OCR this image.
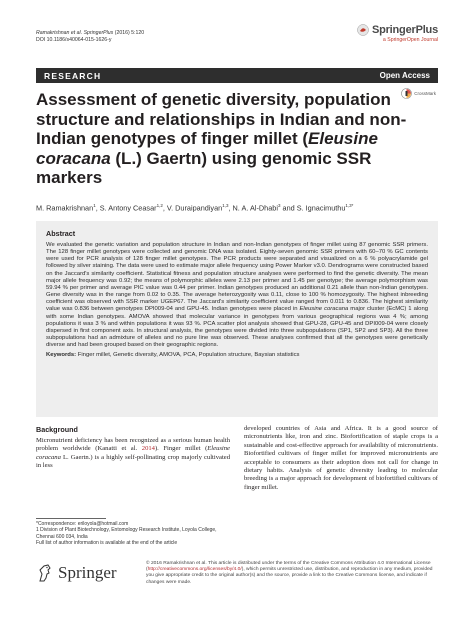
Ramakrishnan et al. SpringerPlus (2016) 5:120
DOI 10.1186/s40064-015-1626-y
SpringerPlus
a SpringerOpen Journal
RESEARCH	Open Access
CrossMark
Assessment of genetic diversity, population structure and relationships in Indian and non-Indian genotypes of finger millet (Eleusine coracana (L.) Gaertn) using genomic SSR markers
M. Ramakrishnan$^1$, S. Antony Ceasar$^{1,2}$, V. Duraipandiyan$^{1,3}$, N. A. Al-Dhabi$^3$ and S. Ignacimuthu$^{1,3*}$
Abstract

We evaluated the genetic variation and population structure in Indian and non-Indian genotypes of finger millet using 87 genomic SSR primers. The 128 finger millet genotypes were collected and genomic DNA was isolated. Eighty-seven genomic SSR primers with 60–70 % GC contents were used for PCR analysis of 128 finger millet genotypes. The PCR products were separated and visualized on a 6 % polyacrylamide gel followed by silver staining. The data were used to estimate major allele frequency using Power Marker v3.0. Dendrograms were constructed based on the Jaccard's similarity coefficient. Statistical fitness and population structure analyses were performed to find the genetic diversity. The mean major allele frequency was 0.92; the means of polymorphic alleles were 2.13 per primer and 1.45 per genotype; the average polymorphism was 59.94 % per primer and average PIC value was 0.44 per primer. Indian genotypes produced an additional 0.21 allele than non-Indian genotypes. Gene diversity was in the range from 0.02 to 0.35. The average heterozygosity was 0.11, close to 100 % homozygosity. The highest inbreeding coefficient was observed with SSR marker UGEP67. The Jaccard's similarity coefficient value ranged from 0.011 to 0.836. The highest similarity value was 0.836 between genotypes DPI009-04 and GPU-45. Indian genotypes were placed in Eleusine coracana major cluster (EcMC) 1 along with some Indian genotypes. AMOVA showed that molecular variance in genotypes from various geographical regions was 4 %; among populations it was 3 % and within populations it was 93 %. PCA scatter plot analysis showed that GPU-28, GPU-45 and DPI009-04 were closely dispersed in first component axis. In structural analysis, the genotypes were divided into three subpopulations (SP1, SP2 and SP3). All the three subpopulations had an admixture of alleles and no pure line was observed. These analyses confirmed that all the genotypes were genetically diverse and had been grouped based on their geographic regions.

Keywords: Finger millet, Genetic diversity, AMOVA, PCA, Population structure, Baysian statistics

Background

Micronutrient deficiency has been recognized as a serious human health problem worldwide (Kanatti et al. 2014). Finger millet (Eleusine coracana L. Gaertn.) is a highly self-pollinating crop majorly cultivated in less

developed countries of Asia and Africa. It is a good source of micronutrients like, iron and zinc. Biofortification of staple crops is a sustainable and cost-effective approach for availability of micronutrients. Biofortified cultivars of finger millet for improved micronutrients are acceptable to consumers as their adoption does not call for change in dietary habits. Analysis of genetic diversity leading to molecular breeding is a major approach for development of biofortified cultivars of finger millet.

*Correspondence: eriloyola@hotmail.com
1 Division of Plant Biotechnology, Entomology Research Institute, Loyola College, Chennai 600 034, India
Full list of author information is available at the end of the article
Springer	© 2016 Ramakrishnan et al. This article is distributed under the terms of the Creative Commons Attribution 4.0 International License (http://creativecommons.org/licenses/by/4.0/), which permits unrestricted use, distribution, and reproduction in any medium, provided you give appropriate credit to the original author(s) and the source, provide a link to the Creative Commons license, and indicate if changes were made.
